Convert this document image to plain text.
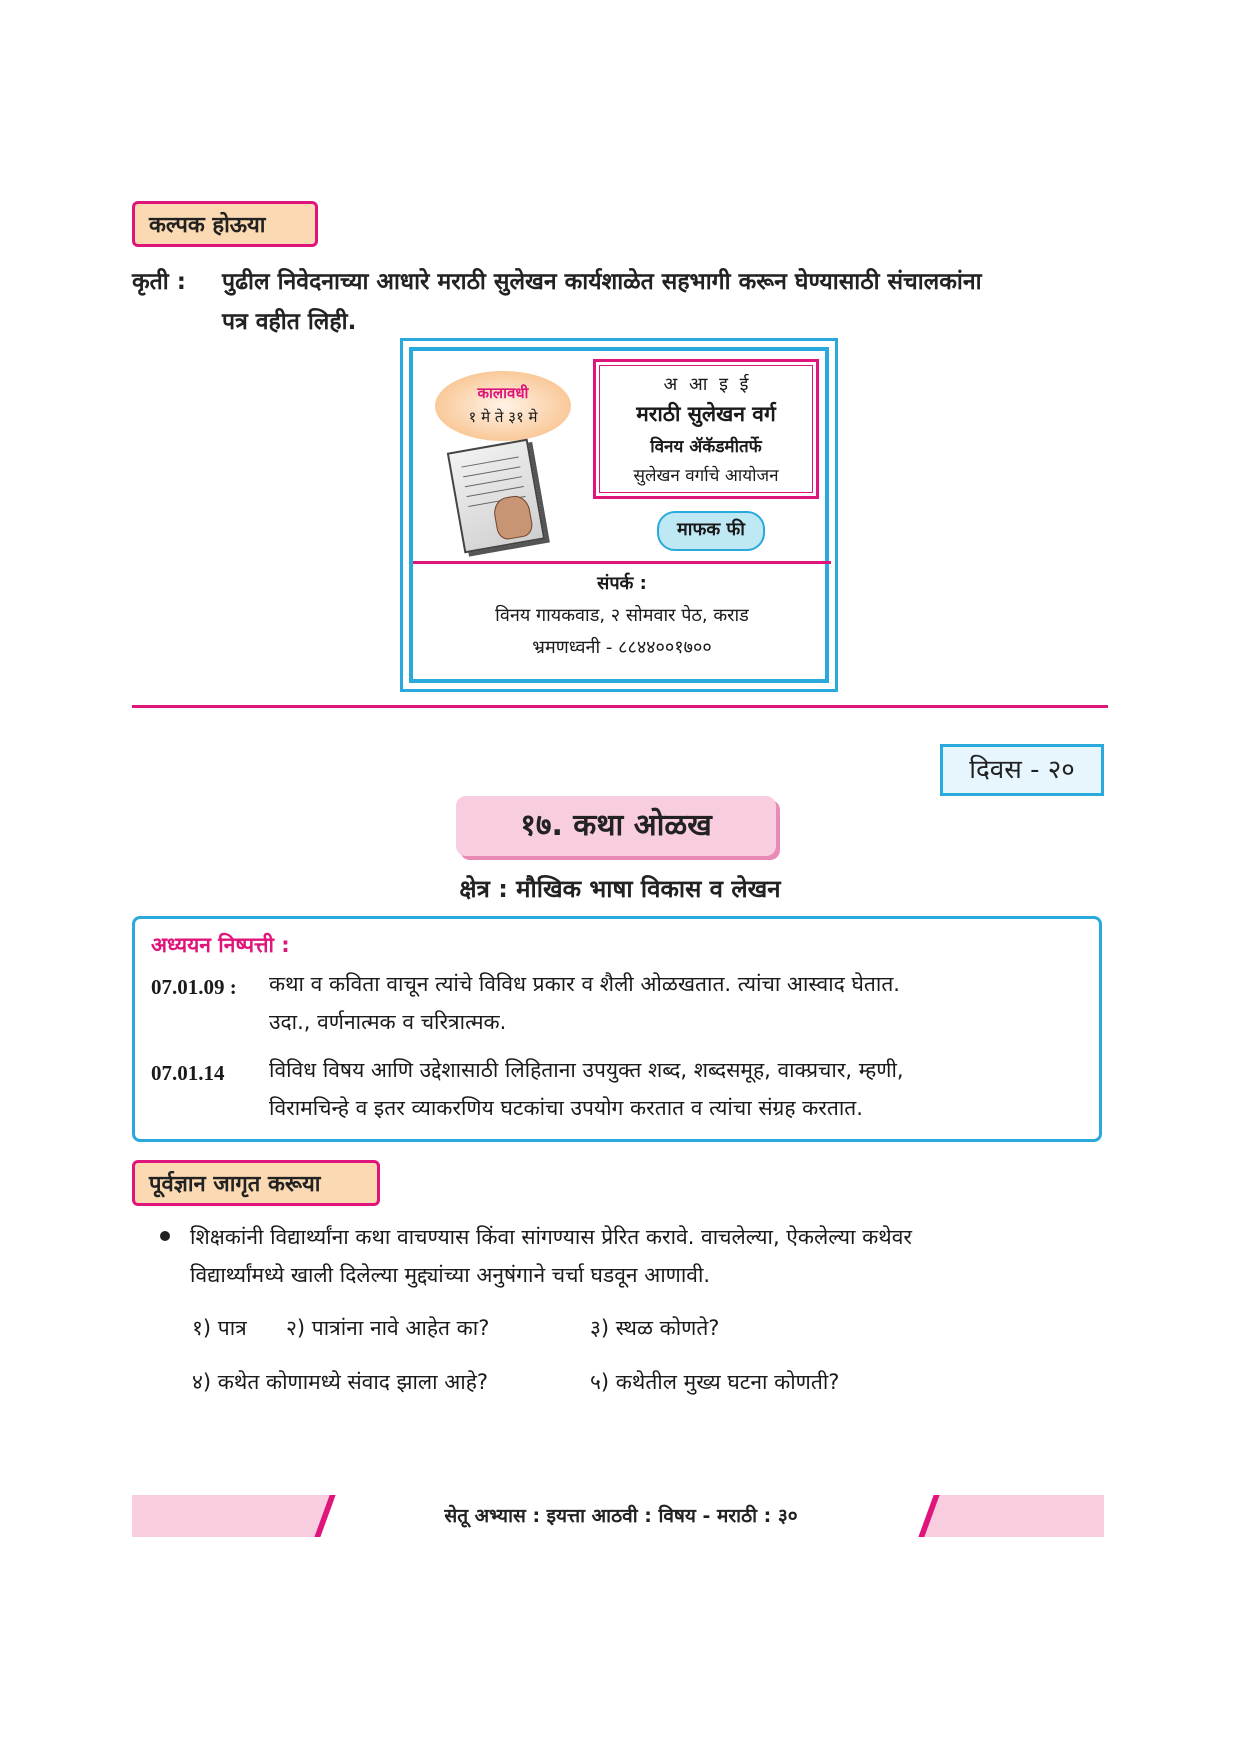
कल्पक होऊया
कृती : पुढील निवेदनाच्या आधारे मराठी सुलेखन कार्यशाळेत सहभागी करून घेण्यासाठी संचालकांना
पत्र वहीत लिही.
कालावधी
१ मे ते ३१ मे
अ आ इ ई
मराठी सुलेखन वर्ग
विनय ॲकॅडमीतर्फे
सुलेखन वर्गाचे आयोजन
माफक फी
संपर्क :
विनय गायकवाड, २ सोमवार पेठ, कराड
भ्रमणध्वनी - ८८४४००१७००
दिवस - २०
१७. कथा ओळख
क्षेत्र : मौखिक भाषा विकास व लेखन
अध्ययन निष्पत्ती :
07.01.09 : कथा व कविता वाचून त्यांचे विविध प्रकार व शैली ओळखतात. त्यांचा आस्वाद घेतात.
उदा., वर्णनात्मक व चरित्रात्मक.
07.01.14 विविध विषय आणि उद्देशासाठी लिहिताना उपयुक्त शब्द, शब्दसमूह, वाक्प्रचार, म्हणी,
विरामचिन्हे व इतर व्याकरणिय घटकांचा उपयोग करतात व त्यांचा संग्रह करतात.
पूर्वज्ञान जागृत करूया
शिक्षकांनी विद्यार्थ्यांना कथा वाचण्यास किंवा सांगण्यास प्रेरित करावे. वाचलेल्या, ऐकलेल्या कथेवर
विद्यार्थ्यांमध्ये खाली दिलेल्या मुद्द्यांच्या अनुषंगाने चर्चा घडवून आणावी.
१) पात्र २) पात्रांना नावे आहेत का?	३) स्थळ कोणते?
४) कथेत कोणामध्ये संवाद झाला आहे?	५) कथेतील मुख्य घटना कोणती?
सेतू अभ्यास : इयत्ता आठवी : विषय - मराठी : ३०
